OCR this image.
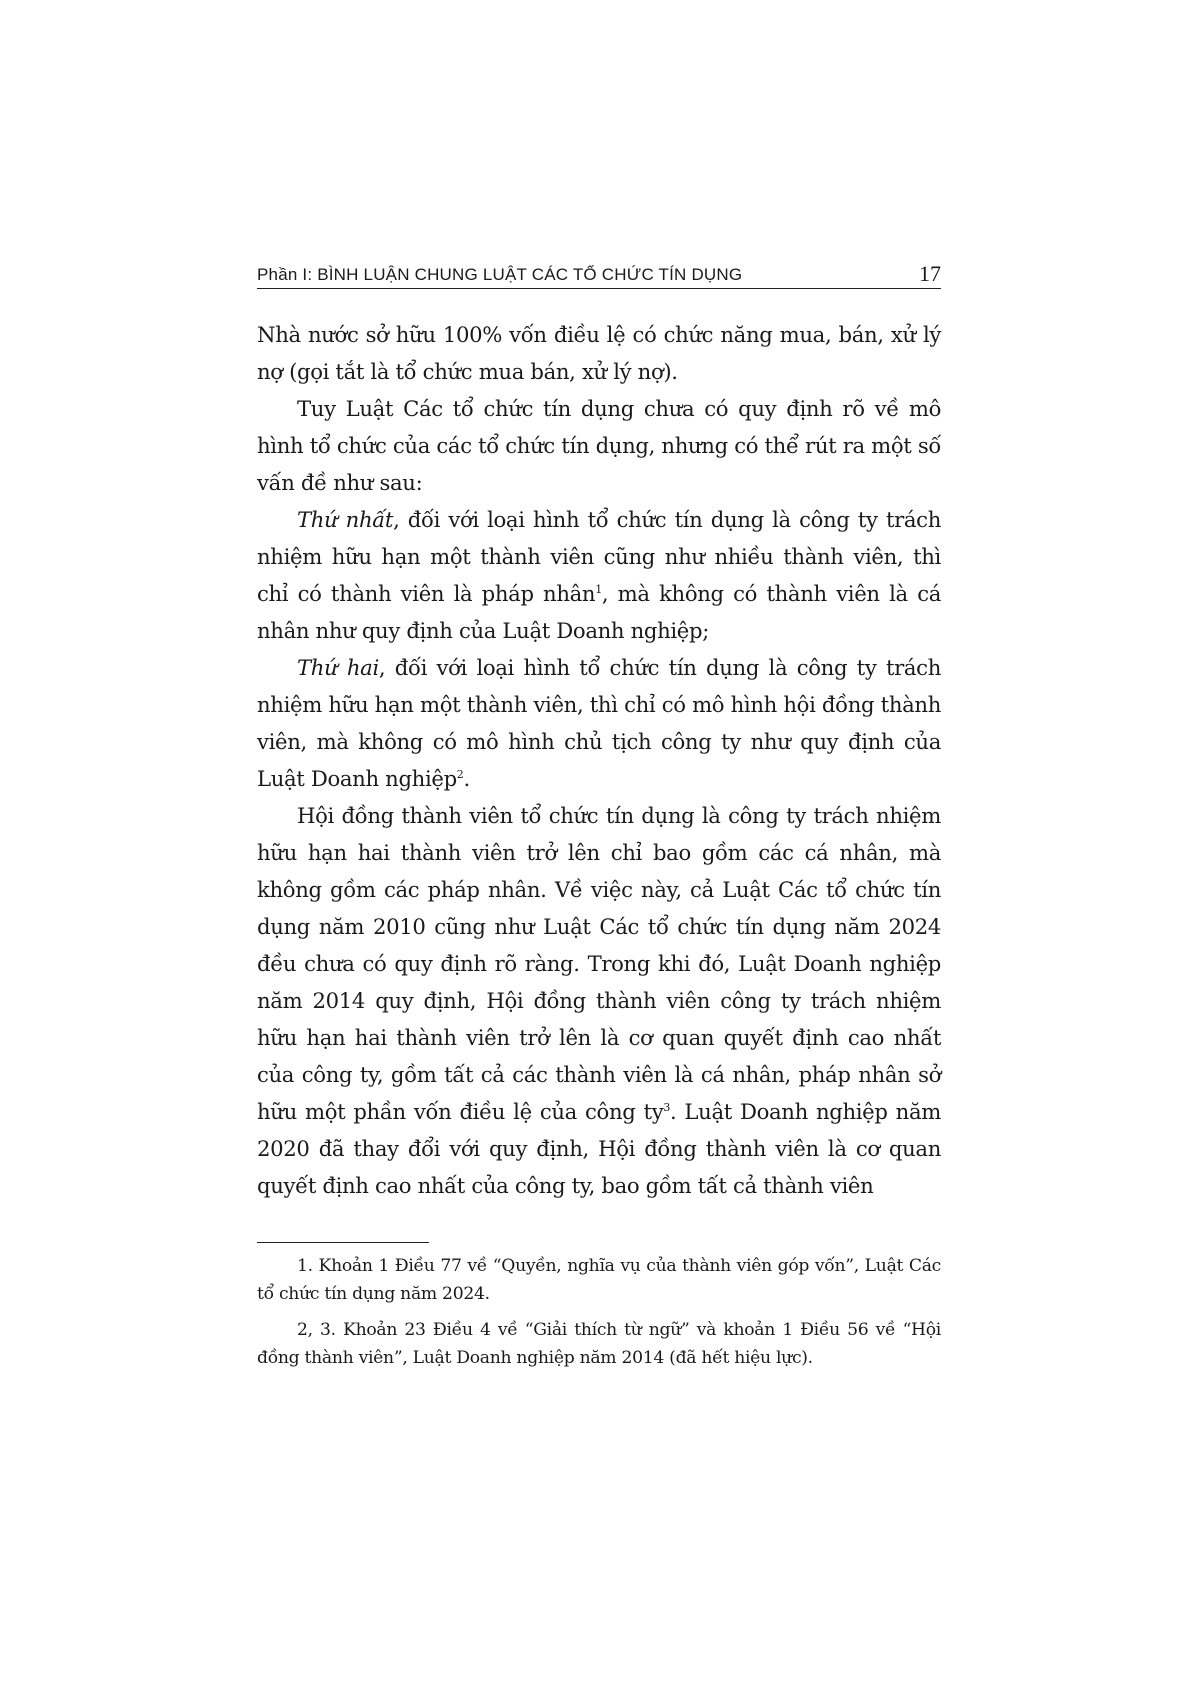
Phần I: BÌNH LUẬN CHUNG LUẬT CÁC TỔ CHỨC TÍN DỤNG	17

Nhà nước sở hữu 100% vốn điều lệ có chức năng mua, bán, xử lý nợ (gọi tắt là tổ chức mua bán, xử lý nợ).

Tuy Luật Các tổ chức tín dụng chưa có quy định rõ về mô hình tổ chức của các tổ chức tín dụng, nhưng có thể rút ra một số vấn đề như sau:

Thứ nhất, đối với loại hình tổ chức tín dụng là công ty trách nhiệm hữu hạn một thành viên cũng như nhiều thành viên, thì chỉ có thành viên là pháp nhân$^1$, mà không có thành viên là cá nhân như quy định của Luật Doanh nghiệp;

Thứ hai, đối với loại hình tổ chức tín dụng là công ty trách nhiệm hữu hạn một thành viên, thì chỉ có mô hình hội đồng thành viên, mà không có mô hình chủ tịch công ty như quy định của Luật Doanh nghiệp$^2$.

Hội đồng thành viên tổ chức tín dụng là công ty trách nhiệm hữu hạn hai thành viên trở lên chỉ bao gồm các cá nhân, mà không gồm các pháp nhân. Về việc này, cả Luật Các tổ chức tín dụng năm 2010 cũng như Luật Các tổ chức tín dụng năm 2024 đều chưa có quy định rõ ràng. Trong khi đó, Luật Doanh nghiệp năm 2014 quy định, Hội đồng thành viên công ty trách nhiệm hữu hạn hai thành viên trở lên là cơ quan quyết định cao nhất của công ty, gồm tất cả các thành viên là cá nhân, pháp nhân sở hữu một phần vốn điều lệ của công $ty^3$. Luật Doanh nghiệp năm 2020 đã thay đổi với quy định, Hội đồng thành viên là cơ quan quyết định cao nhất của công ty, bao gồm tất cả thành viên

1. Khoản 1 Điều 77 về “Quyền, nghĩa vụ của thành viên góp vốn”, Luật Các tổ chức tín dụng năm 2024.

2, 3. Khoản 23 Điều 4 về “Giải thích từ ngữ” và khoản 1 Điều 56 về “Hội đồng thành viên”, Luật Doanh nghiệp năm 2014 (đã hết hiệu lực).
